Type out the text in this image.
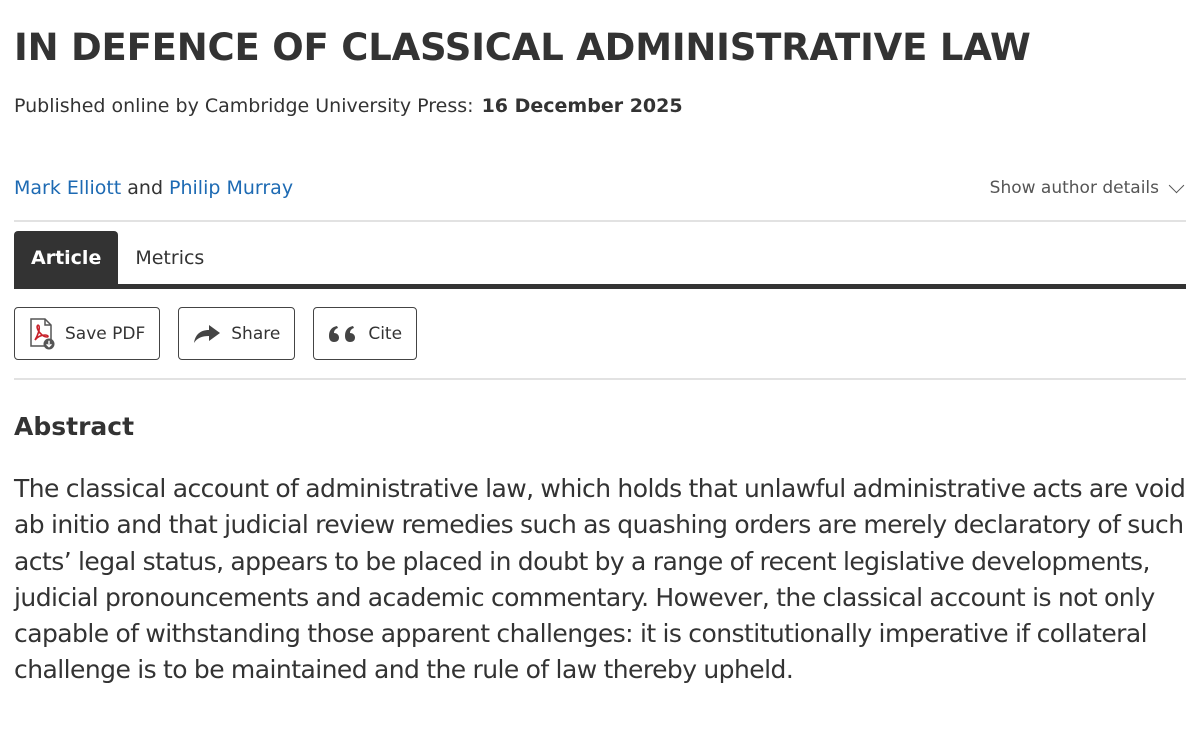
IN DEFENCE OF CLASSICAL ADMINISTRATIVE LAW
Published online by Cambridge University Press: 16 December 2025
Mark Elliott and Philip Murray	Show author details
Article Metrics
Save PDF	Share	Cite
Abstract

The classical account of administrative law, which holds that unlawful administrative acts are void ab initio and that judicial review remedies such as quashing orders are merely declaratory of such acts’ legal status, appears to be placed in doubt by a range of recent legislative developments, judicial pronouncements and academic commentary. However, the classical account is not only capable of withstanding those apparent challenges: it is constitutionally imperative if collateral challenge is to be maintained and the rule of law thereby upheld.
